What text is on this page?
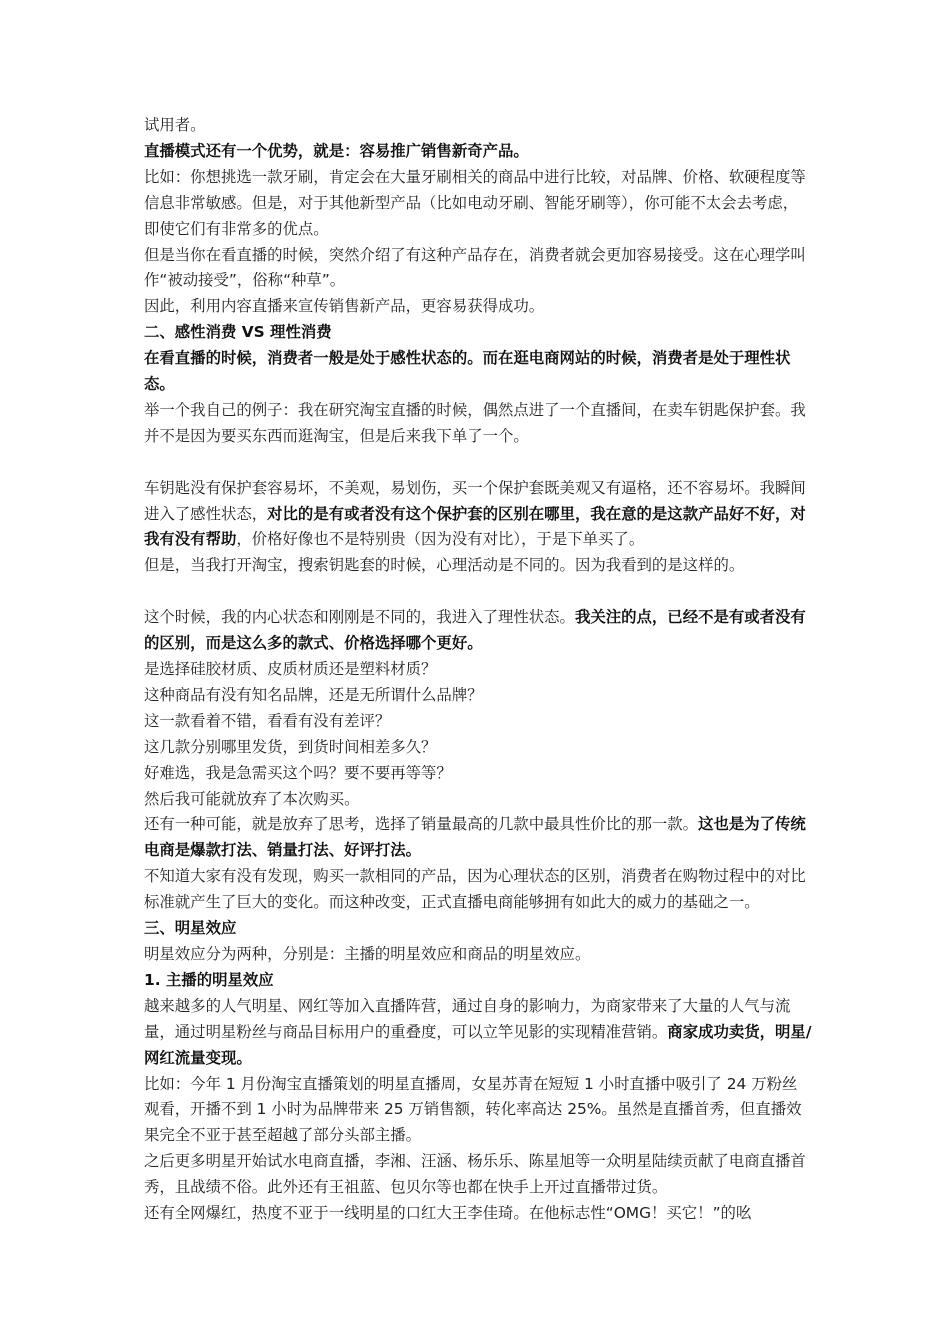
试用者。
直播模式还有一个优势，就是：容易推广销售新奇产品。
比如：你想挑选一款牙刷，肯定会在大量牙刷相关的商品中进行比较，对品牌、价格、软硬程度等信息非常敏感。但是，对于其他新型产品（比如电动牙刷、智能牙刷等），你可能不太会去考虑，即使它们有非常多的优点。
但是当你在看直播的时候，突然介绍了有这种产品存在，消费者就会更加容易接受。这在心理学叫作“被动接受”，俗称“种草”。
因此，利用内容直播来宣传销售新产品，更容易获得成功。
二、感性消费 VS 理性消费
在看直播的时候，消费者一般是处于感性状态的。而在逛电商网站的时候，消费者是处于理性状态。
举一个我自己的例子：我在研究淘宝直播的时候，偶然点进了一个直播间，在卖车钥匙保护套。我并不是因为要买东西而逛淘宝，但是后来我下单了一个。
车钥匙没有保护套容易坏，不美观，易划伤，买一个保护套既美观又有逼格，还不容易坏。我瞬间进入了感性状态，对比的是有或者没有这个保护套的区别在哪里，我在意的是这款产品好不好，对我有没有帮助，价格好像也不是特别贵（因为没有对比），于是下单买了。
但是，当我打开淘宝，搜索钥匙套的时候，心理活动是不同的。因为我看到的是这样的。
这个时候，我的内心状态和刚刚是不同的，我进入了理性状态。我关注的点，已经不是有或者没有的区别，而是这么多的款式、价格选择哪个更好。
是选择硅胶材质、皮质材质还是塑料材质？
这种商品有没有知名品牌，还是无所谓什么品牌？
这一款看着不错，看看有没有差评？
这几款分别哪里发货，到货时间相差多久？
好难选，我是急需买这个吗？要不要再等等？
然后我可能就放弃了本次购买。
还有一种可能，就是放弃了思考，选择了销量最高的几款中最具性价比的那一款。这也是为了传统电商是爆款打法、销量打法、好评打法。
不知道大家有没有发现，购买一款相同的产品，因为心理状态的区别，消费者在购物过程中的对比标准就产生了巨大的变化。而这种改变，正式直播电商能够拥有如此大的威力的基础之一。
三、明星效应
明星效应分为两种，分别是：主播的明星效应和商品的明星效应。
1. 主播的明星效应
越来越多的人气明星、网红等加入直播阵营，通过自身的影响力，为商家带来了大量的人气与流量，通过明星粉丝与商品目标用户的重叠度，可以立竿见影的实现精准营销。商家成功卖货，明星/网红流量变现。
比如：今年 1 月份淘宝直播策划的明星直播周，女星苏青在短短 1 小时直播中吸引了 24 万粉丝观看，开播不到 1 小时为品牌带来 25 万销售额，转化率高达 25%。虽然是直播首秀，但直播效果完全不亚于甚至超越了部分头部主播。
之后更多明星开始试水电商直播，李湘、汪涵、杨乐乐、陈星旭等一众明星陆续贡献了电商直播首秀，且战绩不俗。此外还有王祖蓝、包贝尔等也都在快手上开过直播带过货。
还有全网爆红，热度不亚于一线明星的口红大王李佳琦。在他标志性“OMG！买它！”的吆
